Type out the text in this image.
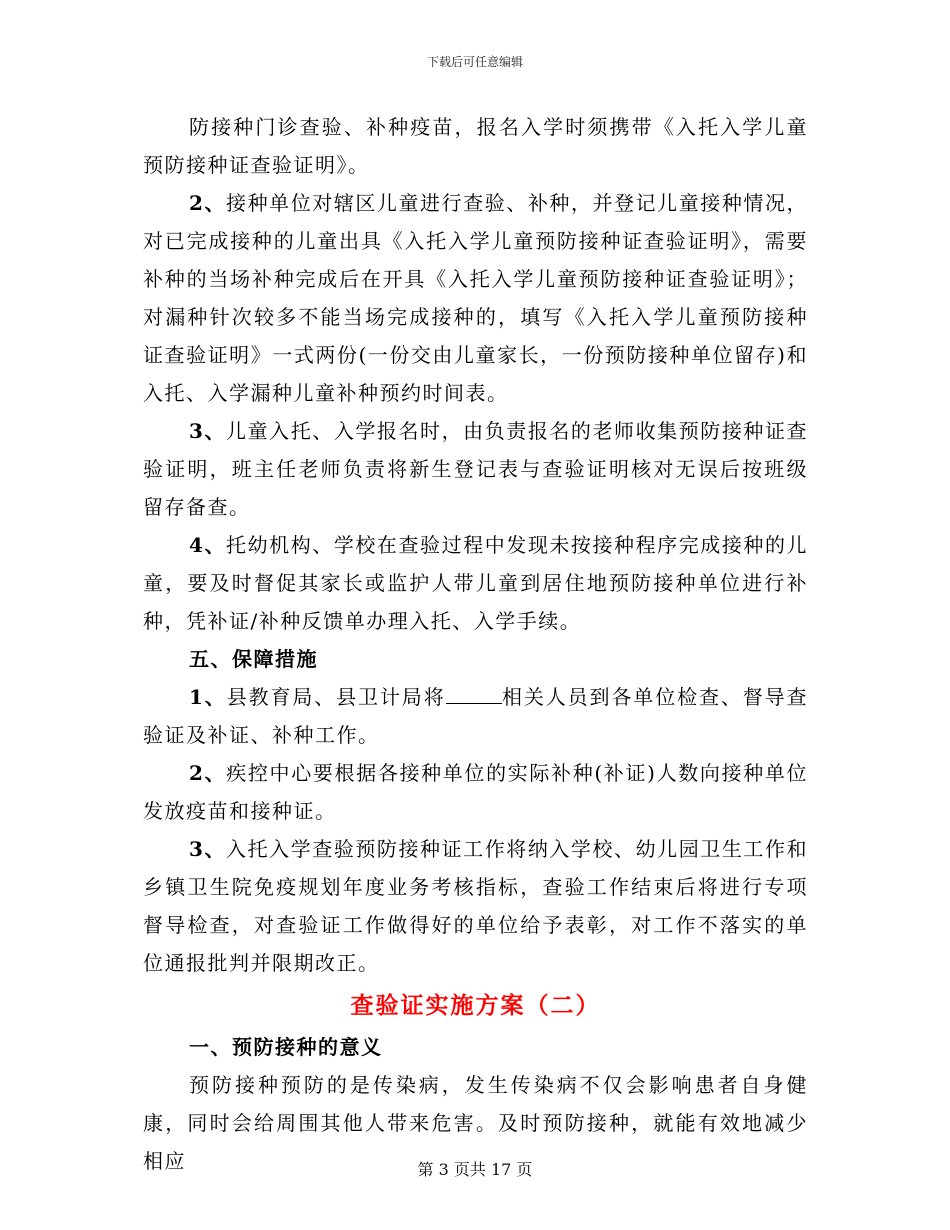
下载后可任意编辑

防接种门诊查验、补种疫苗，报名入学时须携带《入托入学儿童预防接种证查验证明》。

2、接种单位对辖区儿童进行查验、补种，并登记儿童接种情况，对已完成接种的儿童出具《入托入学儿童预防接种证查验证明》，需要补种的当场补种完成后在开具《入托入学儿童预防接种证查验证明》；对漏种针次较多不能当场完成接种的，填写《入托入学儿童预防接种证查验证明》一式两份(一份交由儿童家长，一份预防接种单位留存)和入托、入学漏种儿童补种预约时间表。

3、儿童入托、入学报名时，由负责报名的老师收集预防接种证查验证明，班主任老师负责将新生登记表与查验证明核对无误后按班级留存备查。

4、托幼机构、学校在查验过程中发现未按接种程序完成接种的儿童，要及时督促其家长或监护人带儿童到居住地预防接种单位进行补种，凭补证/补种反馈单办理入托、入学手续。

五、保障措施

1、县教育局、县卫计局将	相关人员到各单位检查、督导查验证及补证、补种工作。

2、疾控中心要根据各接种单位的实际补种(补证)人数向接种单位发放疫苗和接种证。

3、入托入学查验预防接种证工作将纳入学校、幼儿园卫生工作和乡镇卫生院免疫规划年度业务考核指标，查验工作结束后将进行专项督导检查，对查验证工作做得好的单位给予表彰，对工作不落实的单位通报批判并限期改正。

查验证实施方案（二）

一、预防接种的意义

预防接种预防的是传染病，发生传染病不仅会影响患者自身健康，同时会给周围其他人带来危害。及时预防接种，就能有效地减少相应	第 3 页共 17 页
